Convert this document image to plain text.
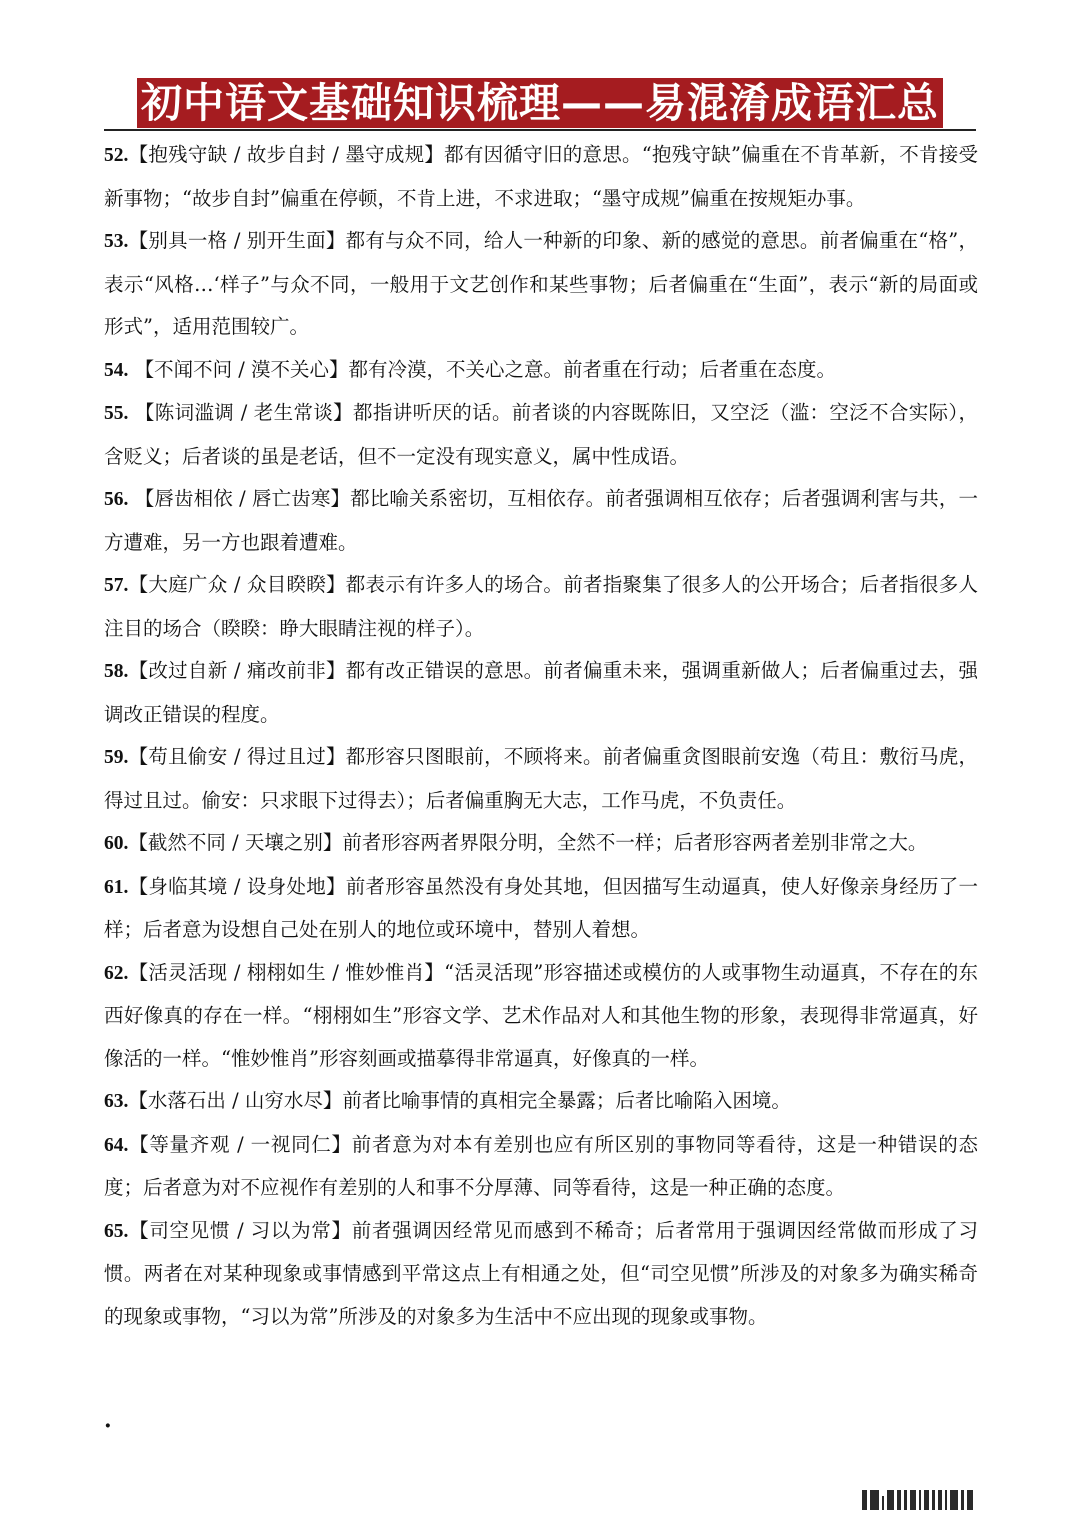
初中语文基础知识梳理——易混淆成语汇总

52.【抱残守缺 / 故步自封 / 墨守成规】都有因循守旧的意思。“抱残守缺”偏重在不肯革新，不肯接受新事物；“故步自封”偏重在停顿，不肯上进，不求进取；“墨守成规”偏重在按规矩办事。

53.【别具一格 / 别开生面】都有与众不同，给人一种新的印象、新的感觉的意思。前者偏重在“格”，表示“风格…‘样子”与众不同，一般用于文艺创作和某些事物；后者偏重在“生面”，表示“新的局面或形式”，适用范围较广。

54. 【不闻不问 / 漠不关心】都有冷漠，不关心之意。前者重在行动；后者重在态度。

55. 【陈词滥调 / 老生常谈】都指讲听厌的话。前者谈的内容既陈旧，又空泛（滥：空泛不合实际），含贬义；后者谈的虽是老话，但不一定没有现实意义，属中性成语。

56. 【唇齿相依 / 唇亡齿寒】都比喻关系密切，互相依存。前者强调相互依存；后者强调利害与共，一方遭难，另一方也跟着遭难。

57.【大庭广众 / 众目睽睽】都表示有许多人的场合。前者指聚集了很多人的公开场合；后者指很多人注目的场合（睽睽：睁大眼睛注视的样子）。

58.【改过自新 / 痛改前非】都有改正错误的意思。前者偏重未来，强调重新做人；后者偏重过去，强调改正错误的程度。

59.【苟且偷安 / 得过且过】都形容只图眼前，不顾将来。前者偏重贪图眼前安逸（苟且：敷衍马虎，得过且过。偷安：只求眼下过得去）；后者偏重胸无大志，工作马虎，不负责任。

60.【截然不同 / 天壤之别】前者形容两者界限分明，全然不一样；后者形容两者差别非常之大。

61.【身临其境 / 设身处地】前者形容虽然没有身处其地，但因描写生动逼真，使人好像亲身经历了一样；后者意为设想自己处在别人的地位或环境中，替别人着想。

62.【活灵活现 / 栩栩如生 / 惟妙惟肖】“活灵活现”形容描述或模仿的人或事物生动逼真，不存在的东西好像真的存在一样。“栩栩如生”形容文学、艺术作品对人和其他生物的形象，表现得非常逼真，好像活的一样。“惟妙惟肖”形容刻画或描摹得非常逼真，好像真的一样。

63.【水落石出 / 山穷水尽】前者比喻事情的真相完全暴露；后者比喻陷入困境。

64.【等量齐观 / 一视同仁】前者意为对本有差别也应有所区别的事物同等看待，这是一种错误的态度；后者意为对不应视作有差别的人和事不分厚薄、同等看待，这是一种正确的态度。

65.【司空见惯 / 习以为常】前者强调因经常见而感到不稀奇；后者常用于强调因经常做而形成了习惯。两者在对某种现象或事情感到平常这点上有相通之处，但“司空见惯”所涉及的对象多为确实稀奇的现象或事物，“习以为常”所涉及的对象多为生活中不应出现的现象或事物。

·
